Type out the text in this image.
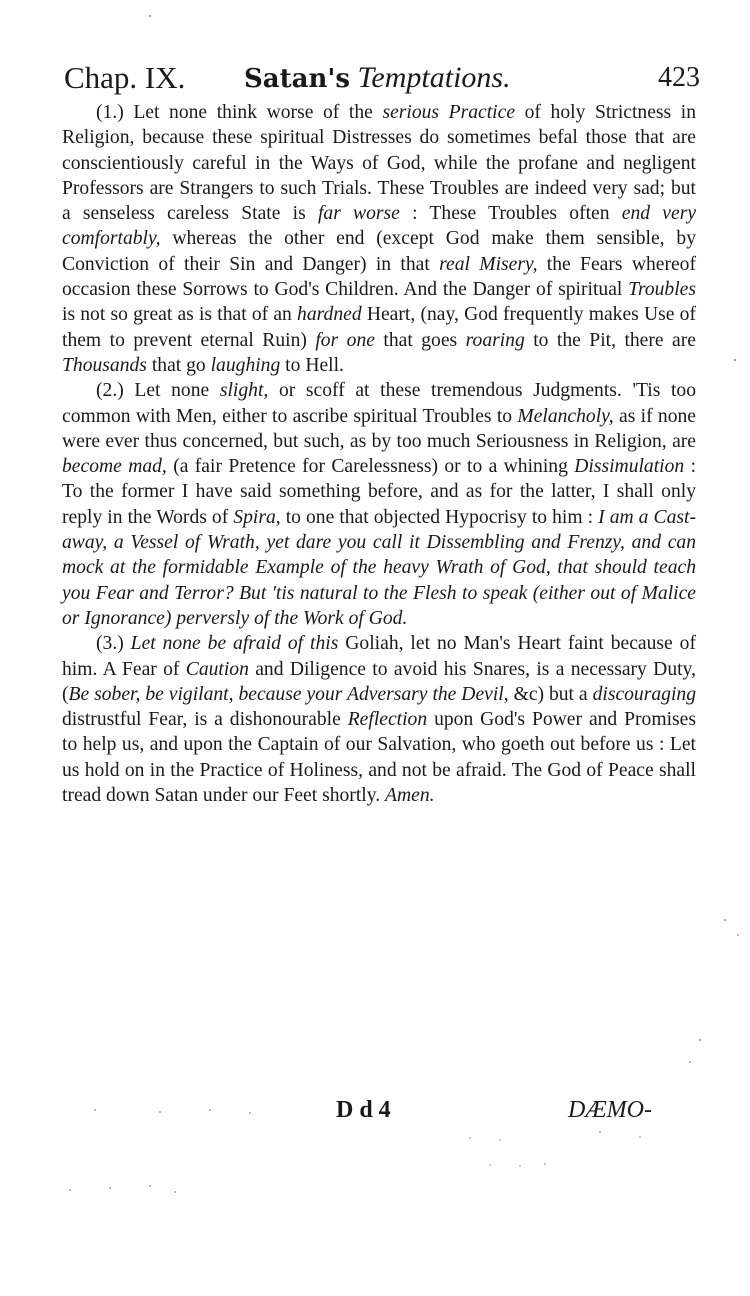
Chap. IX. Satan's Temptations.	423

(1.) Let none think worse of the serious Practice of holy Strictness in Religion, because these spiritual Distresses do sometimes befal those that are conscientiously careful in the Ways of God, while the profane and negligent Professors are Strangers to such Trials. These Troubles are indeed very sad; but a senseless careless State is far worse : These Troubles often end very comfortably, whereas the other end (except God make them sensible, by Conviction of their Sin and Danger) in that real Misery, the Fears whereof occasion these Sorrows to God's Children. And the Danger of spiritual Troubles is not so great as is that of an hardned Heart, (nay, God frequently makes Use of them to prevent eternal Ruin) for one that goes roaring to the Pit, there are Thousands that go laughing to Hell.

(2.) Let none slight, or scoff at these tremendous Judgments. 'Tis too common with Men, either to ascribe spiritual Troubles to Melancholy, as if none were ever thus concerned, but such, as by too much Seriousness in Religion, are become mad, (a fair Pretence for Carelessness) or to a whining Dissimulation : To the former I have said something before, and as for the latter, I shall only reply in the Words of Spira, to one that objected Hypocrisy to him : I am a Cast-away, a Vessel of Wrath, yet dare you call it Dissembling and Frenzy, and can mock at the formidable Example of the heavy Wrath of God, that should teach you Fear and Terror? But 'tis natural to the Flesh to speak (either out of Malice or Ignorance) perversly of the Work of God.

(3.) Let none be afraid of this Goliah, let no Man's Heart faint because of him. A Fear of Caution and Diligence to avoid his Snares, is a necessary Duty, (Be sober, be vigilant, because your Adversary the Devil, &c) but a discouraging distrustful Fear, is a dishonourable Reflection upon God's Power and Promises to help us, and upon the Captain of our Salvation, who goeth out before us : Let us hold on in the Practice of Holiness, and not be afraid. The God of Peace shall tread down Satan under our Feet shortly. Amen.

D d 4	DÆMO-
